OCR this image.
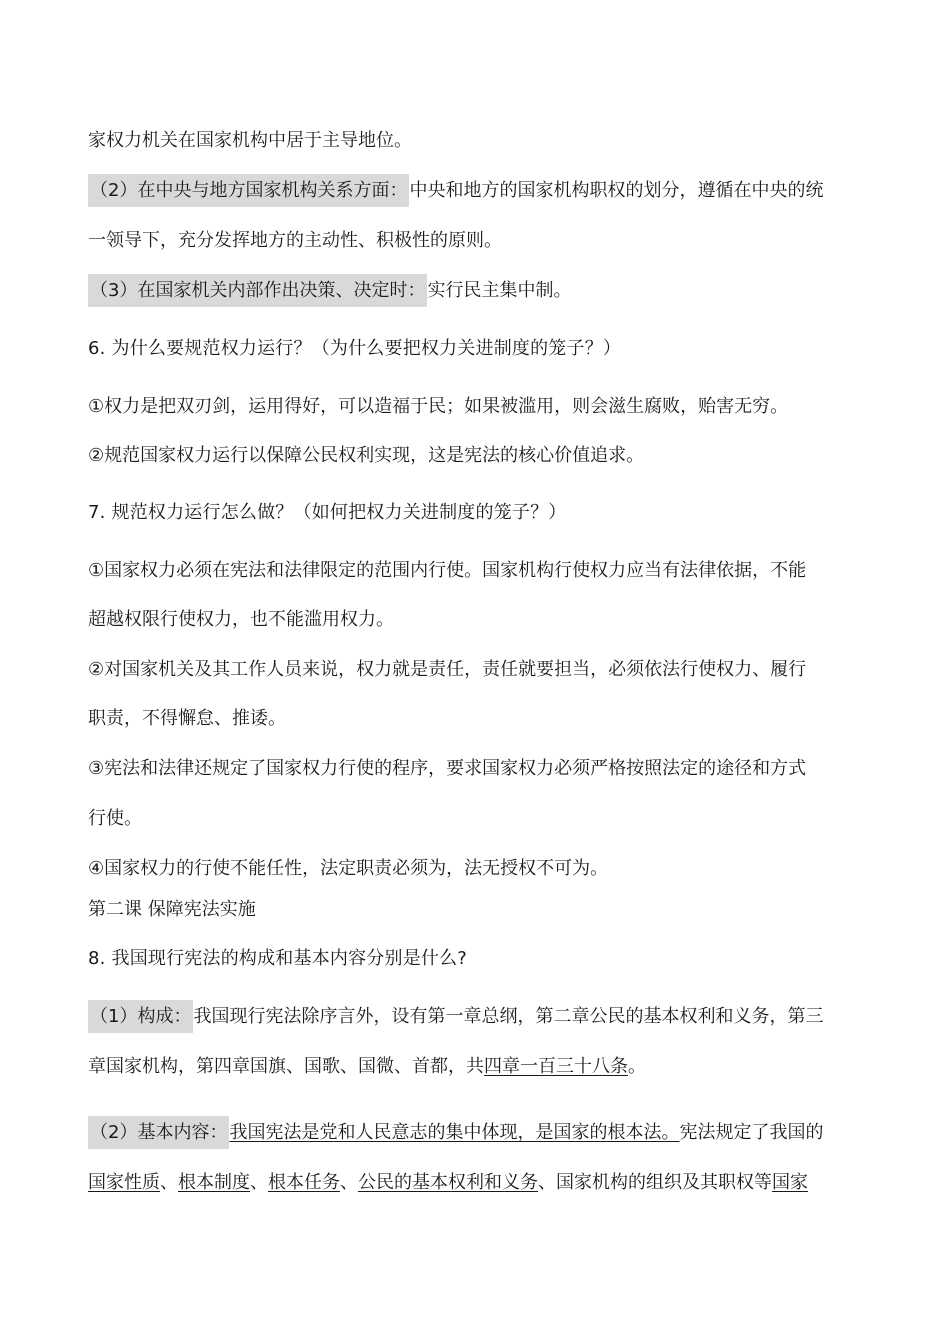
家权力机关在国家机构中居于主导地位。
（2）在中央与地方国家机构关系方面： 中央和地方的国家机构职权的划分，遵循在中央的统
一领导下，充分发挥地方的主动性、积极性的原则。
（3）在国家机关内部作出决策、决定时： 实行民主集中制。
6. 为什么要规范权力运行？（为什么要把权力关进制度的笼子？）
①权力是把双刃剑，运用得好，可以造福于民；如果被滥用，则会滋生腐败，贻害无穷。
②规范国家权力运行以保障公民权利实现，这是宪法的核心价值追求。
7. 规范权力运行怎么做？（如何把权力关进制度的笼子？）
①国家权力必须在宪法和法律限定的范围内行使。国家机构行使权力应当有法律依据，不能
超越权限行使权力，也不能滥用权力。
②对国家机关及其工作人员来说，权力就是责任，责任就要担当，必须依法行使权力、履行
职责，不得懈怠、推诿。
③宪法和法律还规定了国家权力行使的程序，要求国家权力必须严格按照法定的途径和方式
行使。
④国家权力的行使不能任性，法定职责必须为，法无授权不可为。
第二课 保障宪法实施
8. 我国现行宪法的构成和基本内容分别是什么?
（1）构成： 我国现行宪法除序言外，设有第一章总纲，第二章公民的基本权利和义务，第三
章国家机构，第四章国旗、国歌、国微、首都，共四章一百三十八条。
（2）基本内容： 我国宪法是党和人民意志的集中体现，是国家的根本法。宪法规定了我国的
国家性质、根本制度、根本任务、公民的基本权利和义务、国家机构的组织及其职权等国家
